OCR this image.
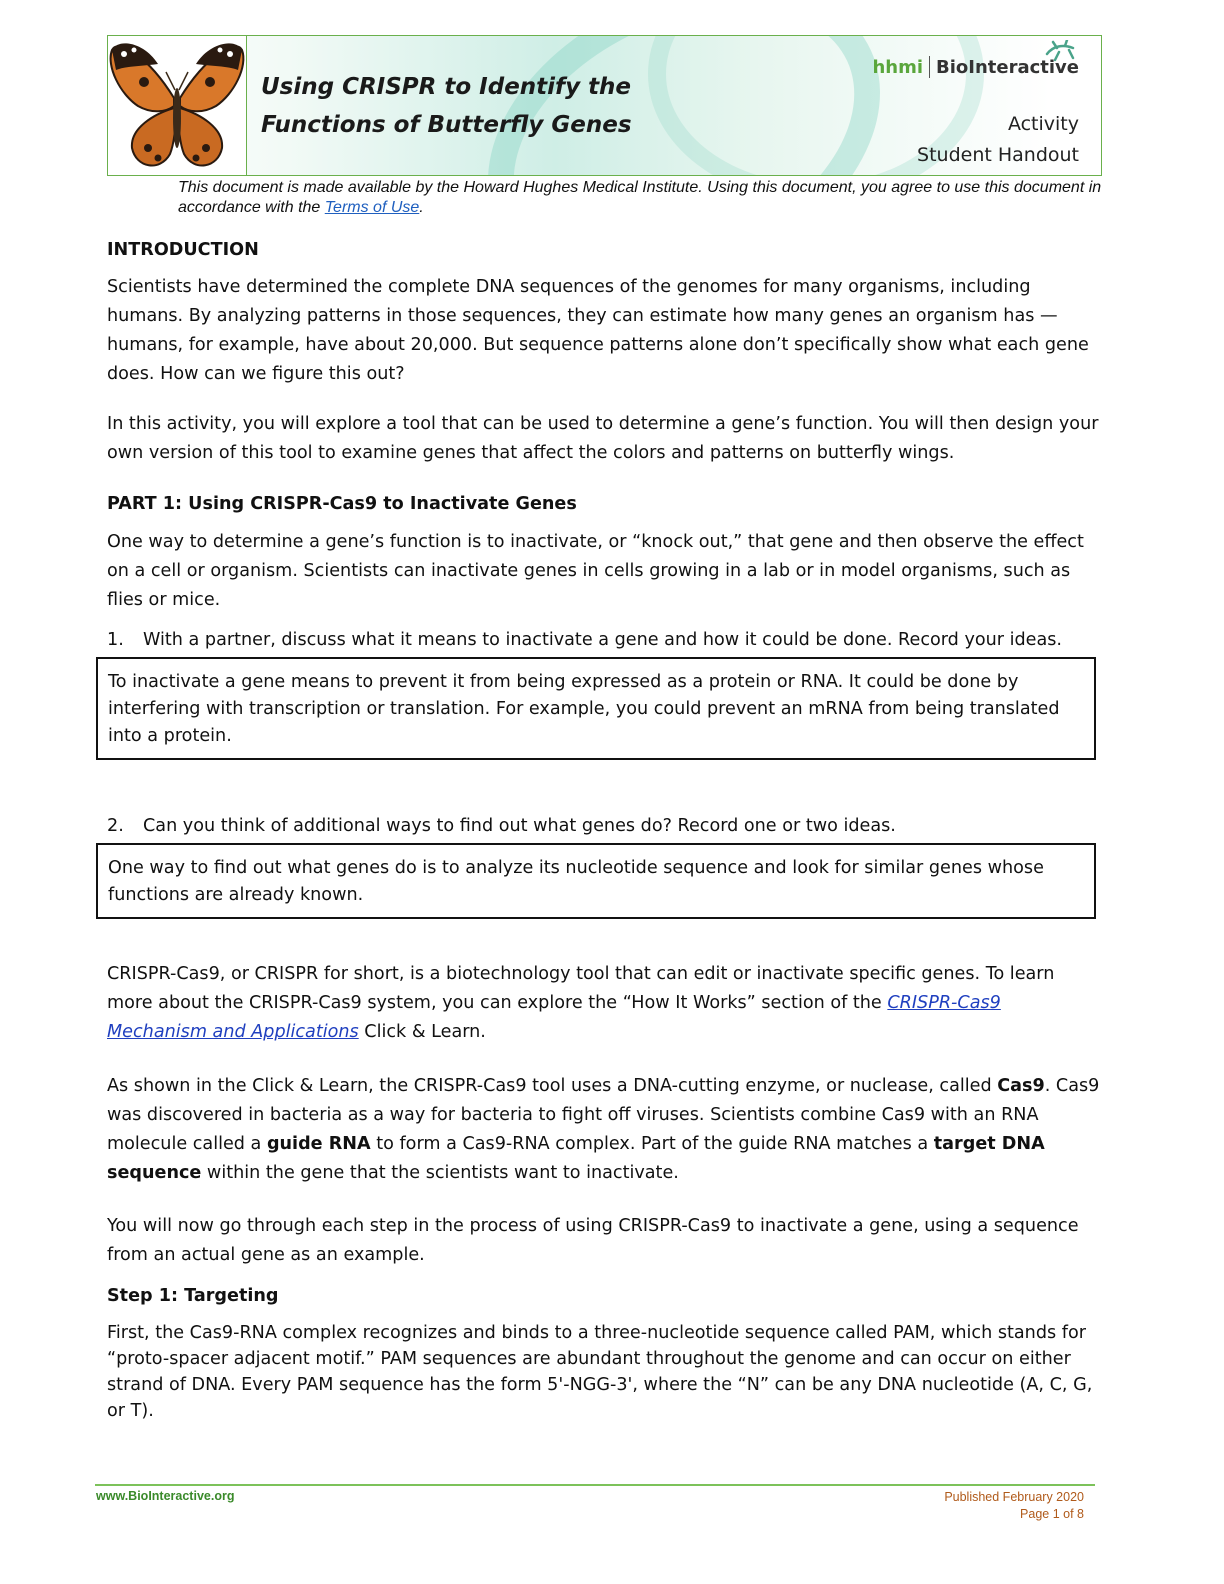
Using CRISPR to Identify the
Functions of Butterfly Genes
hhmi BioInteractive
Activity
Student Handout
This document is made available by the Howard Hughes Medical Institute. Using this document, you agree to use this document in accordance with the Terms of Use.
INTRODUCTION
Scientists have determined the complete DNA sequences of the genomes for many organisms, including humans. By analyzing patterns in those sequences, they can estimate how many genes an organism has — humans, for example, have about 20,000. But sequence patterns alone don’t specifically show what each gene does. How can we figure this out?
In this activity, you will explore a tool that can be used to determine a gene’s function. You will then design your own version of this tool to examine genes that affect the colors and patterns on butterfly wings.
PART 1: Using CRISPR-Cas9 to Inactivate Genes
One way to determine a gene’s function is to inactivate, or “knock out,” that gene and then observe the effect on a cell or organism. Scientists can inactivate genes in cells growing in a lab or in model organisms, such as flies or mice.
1. With a partner, discuss what it means to inactivate a gene and how it could be done. Record your ideas.
To inactivate a gene means to prevent it from being expressed as a protein or RNA. It could be done by interfering with transcription or translation. For example, you could prevent an mRNA from being translated into a protein.
2. Can you think of additional ways to find out what genes do? Record one or two ideas.
One way to find out what genes do is to analyze its nucleotide sequence and look for similar genes whose functions are already known.
CRISPR-Cas9, or CRISPR for short, is a biotechnology tool that can edit or inactivate specific genes. To learn more about the CRISPR-Cas9 system, you can explore the “How It Works” section of the CRISPR-Cas9 Mechanism and Applications Click & Learn.
As shown in the Click & Learn, the CRISPR-Cas9 tool uses a DNA-cutting enzyme, or nuclease, called Cas9. Cas9 was discovered in bacteria as a way for bacteria to fight off viruses. Scientists combine Cas9 with an RNA molecule called a guide RNA to form a Cas9-RNA complex. Part of the guide RNA matches a target DNA sequence within the gene that the scientists want to inactivate.
You will now go through each step in the process of using CRISPR-Cas9 to inactivate a gene, using a sequence from an actual gene as an example.
Step 1: Targeting
First, the Cas9-RNA complex recognizes and binds to a three-nucleotide sequence called PAM, which stands for “proto-spacer adjacent motif.” PAM sequences are abundant throughout the genome and can occur on either strand of DNA. Every PAM sequence has the form 5'-NGG-3', where the “N” can be any DNA nucleotide (A, C, G, or T).
www.BioInteractive.org	Published February 2020
Page 1 of 8
